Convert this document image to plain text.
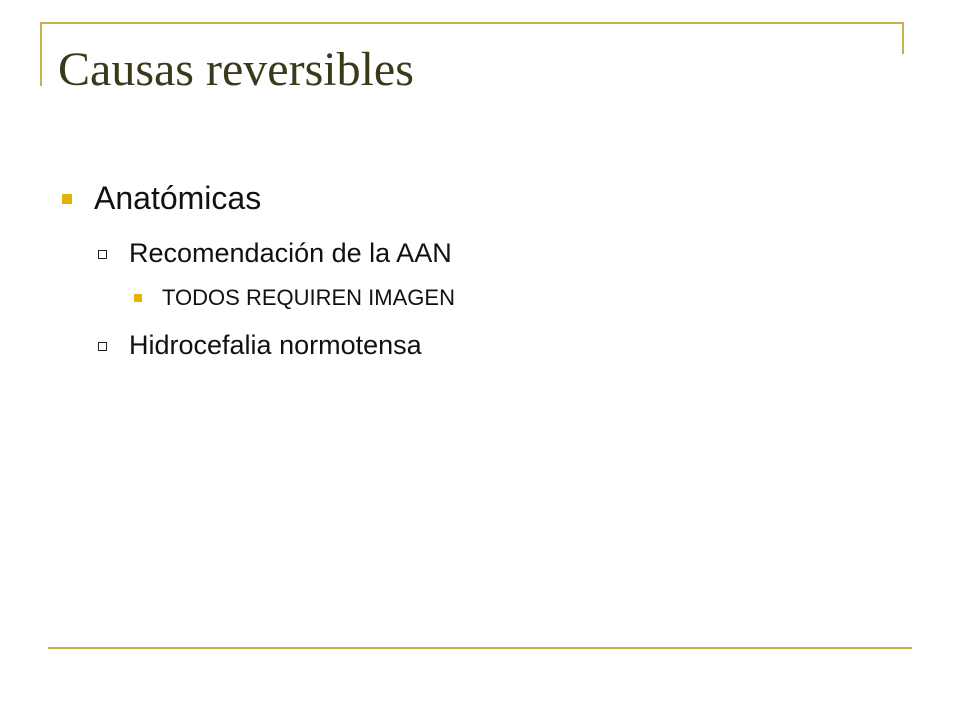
Causas reversibles
Anatómicas
Recomendación de la AAN
TODOS REQUIREN IMAGEN
Hidrocefalia normotensa
